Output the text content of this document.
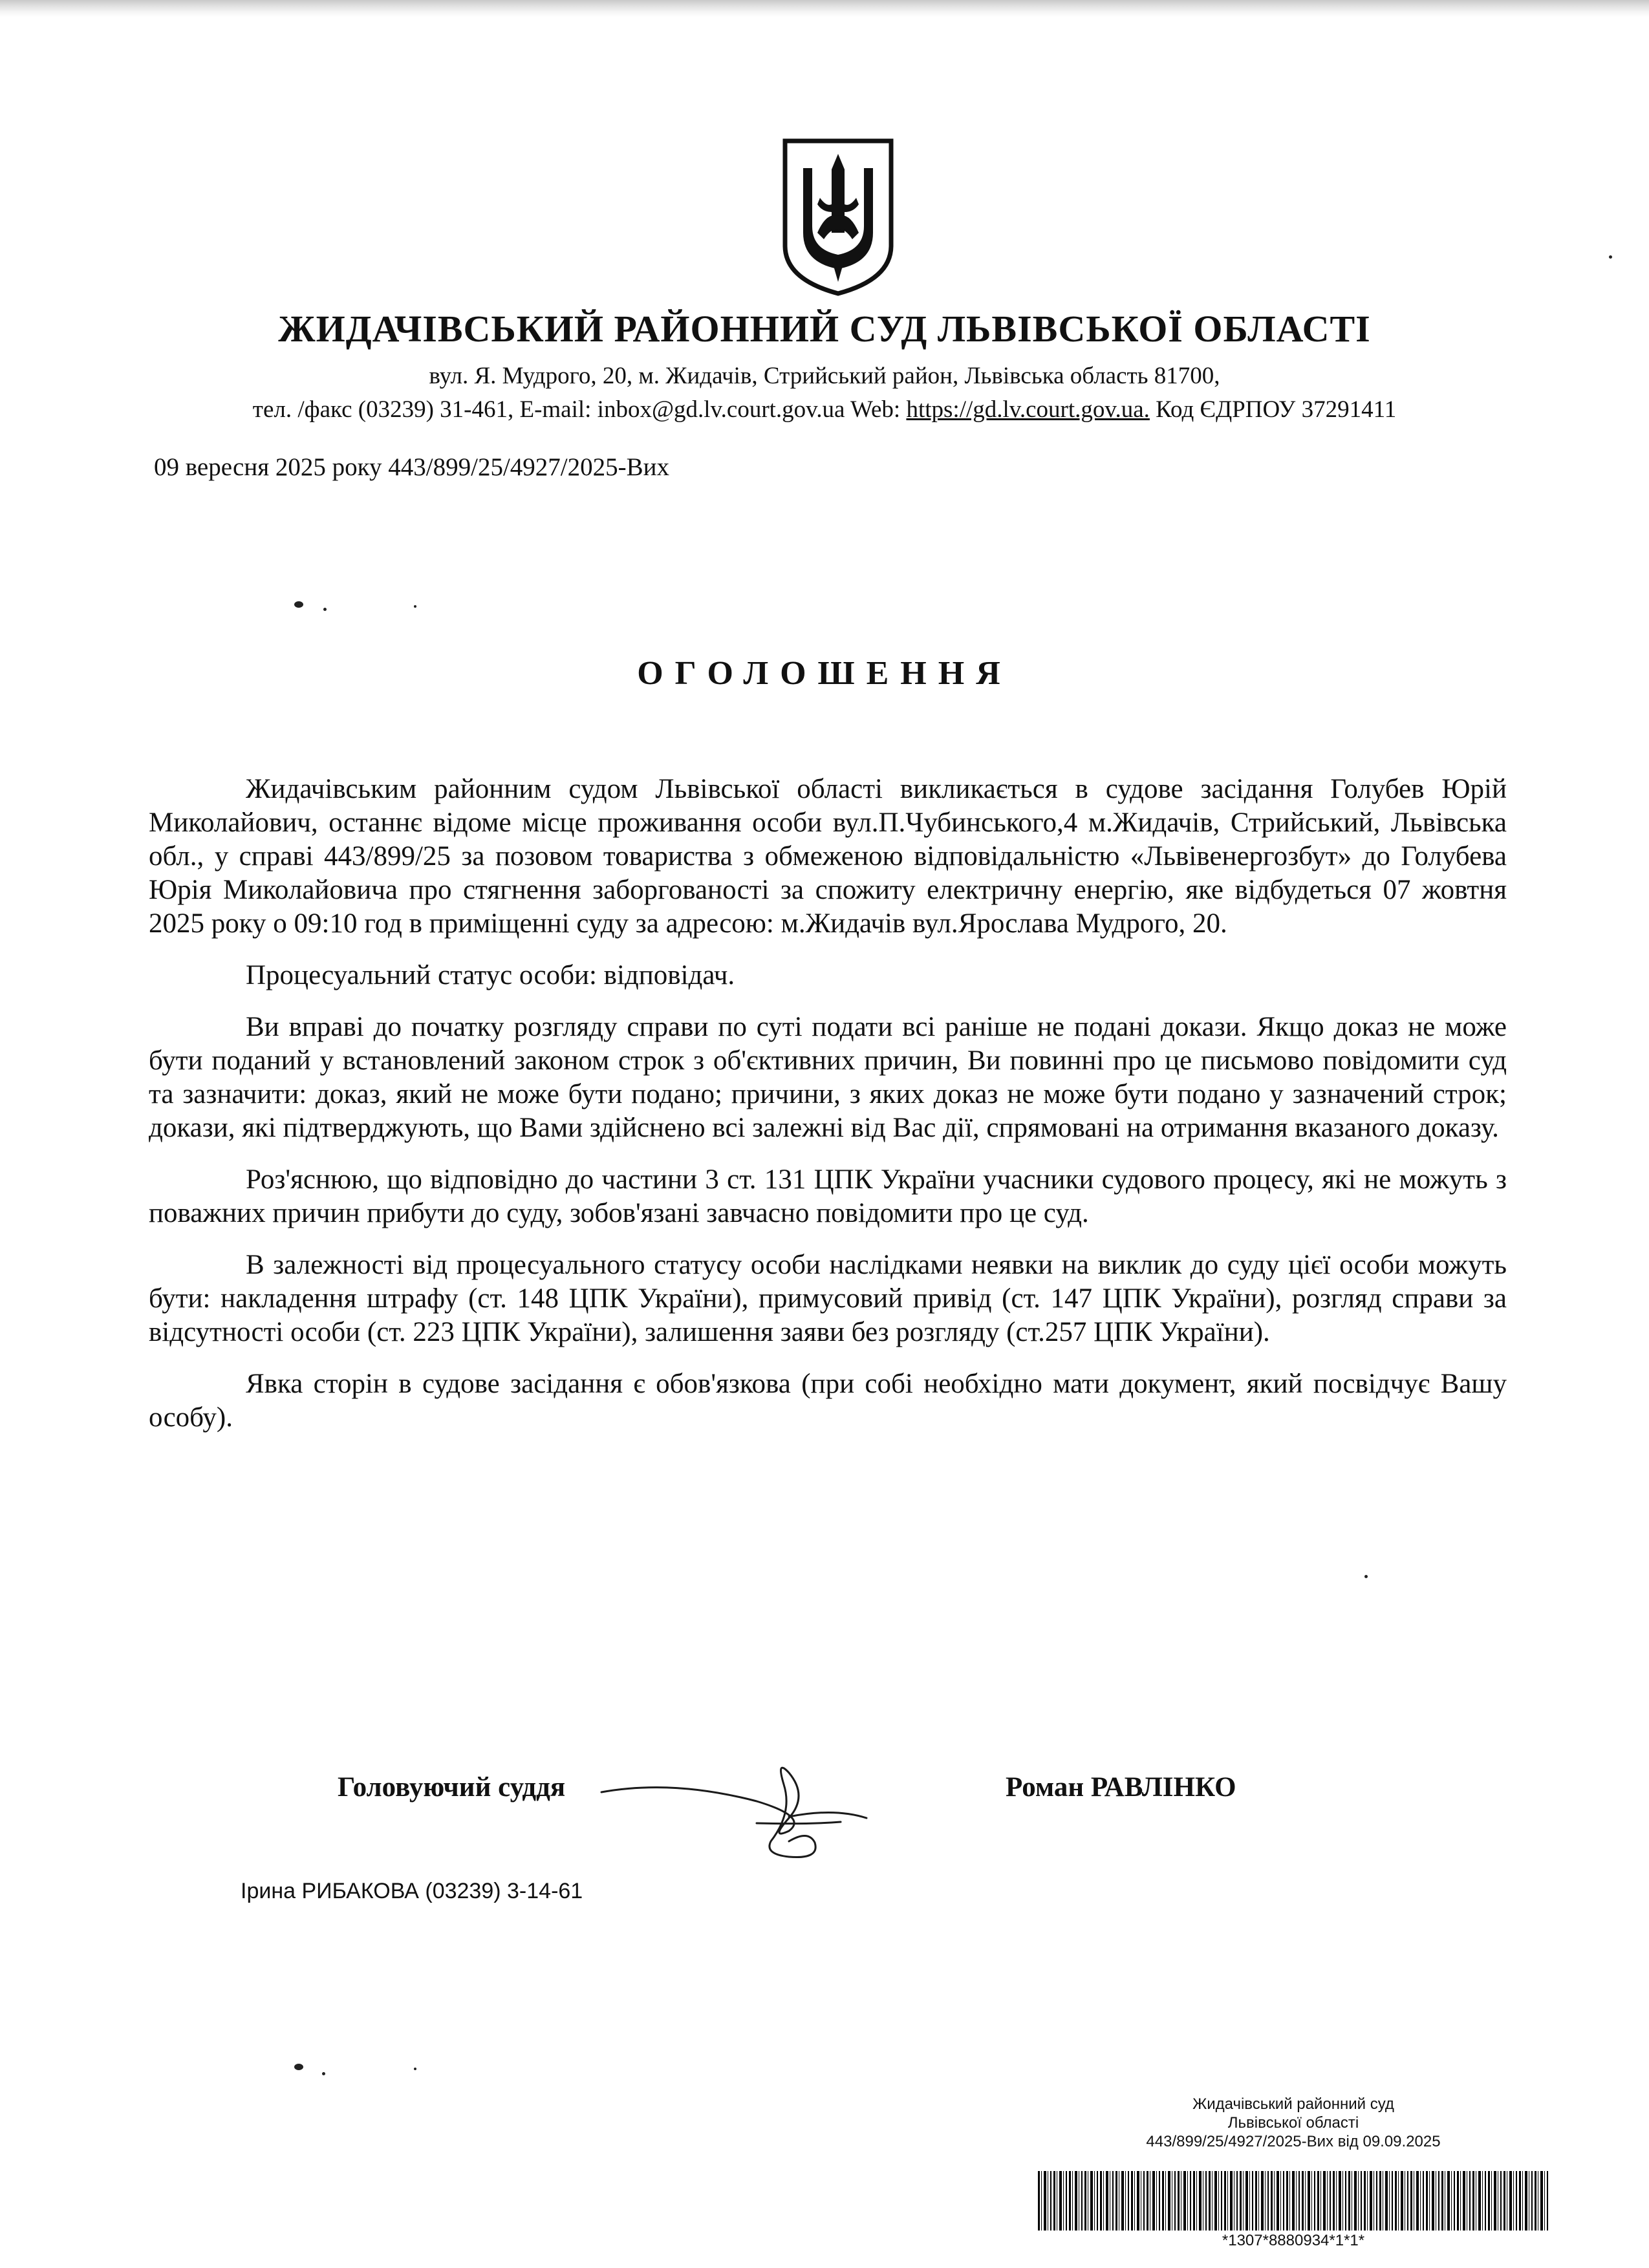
ЖИДАЧІВСЬКИЙ РАЙОННИЙ СУД ЛЬВІВСЬКОЇ ОБЛАСТІ
вул. Я. Мудрого, 20, м. Жидачів, Стрийський район, Львівська область 81700,
тел. /факс (03239) 31-461, E-mail: inbox@gd.lv.court.gov.ua Web: https://gd.lv.court.gov.ua. Код ЄДРПОУ 37291411
09 вересня 2025 року 443/899/25/4927/2025-Вих
ОГОЛОШЕННЯ

Жидачівським районним судом Львівської області викликається в судове засідання Голубев Юрій Миколайович, останнє відоме місце проживання особи вул.П.Чубинського,4 м.Жидачів, Стрийський, Львівська обл., у справі 443/899/25 за позовом товариства з обмеженою відповідальністю «Львівенергозбут» до Голубева Юрія Миколайовича про стягнення заборгованості за спожиту електричну енергію, яке відбудеться 07 жовтня 2025 року о 09:10 год в приміщенні суду за адресою: м.Жидачів вул.Ярослава Мудрого, 20.

Процесуальний статус особи: відповідач.

Ви вправі до початку розгляду справи по суті подати всі раніше не подані докази. Якщо доказ не може бути поданий у встановлений законом строк з об'єктивних причин, Ви повинні про це письмово повідомити суд та зазначити: доказ, який не може бути подано; причини, з яких доказ не може бути подано у зазначений строк; докази, які підтверджують, що Вами здійснено всі залежні від Вас дії, спрямовані на отримання вказаного доказу.

Роз'яснюю, що відповідно до частини 3 ст. 131 ЦПК України учасники судового процесу, які не можуть з поважних причин прибути до суду, зобов'язані завчасно повідомити про це суд.

В залежності від процесуального статусу особи наслідками неявки на виклик до суду цієї особи можуть бути: накладення штрафу (ст. 148 ЦПК України), примусовий привід (ст. 147 ЦПК України), розгляд справи за відсутності особи (ст. 223 ЦПК України), залишення заяви без розгляду (ст.257 ЦПК України).

Явка сторін в судове засідання є обов'язкова (при собі необхідно мати документ, який посвідчує Вашу особу).

Головуючий суддя	Роман РАВЛІНКО
Ірина РИБАКОВА (03239) 3-14-61
Жидачівський районний суд
Львівської області
443/899/25/4927/2025-Вих від 09.09.2025
*1307*8880934*1*1*
